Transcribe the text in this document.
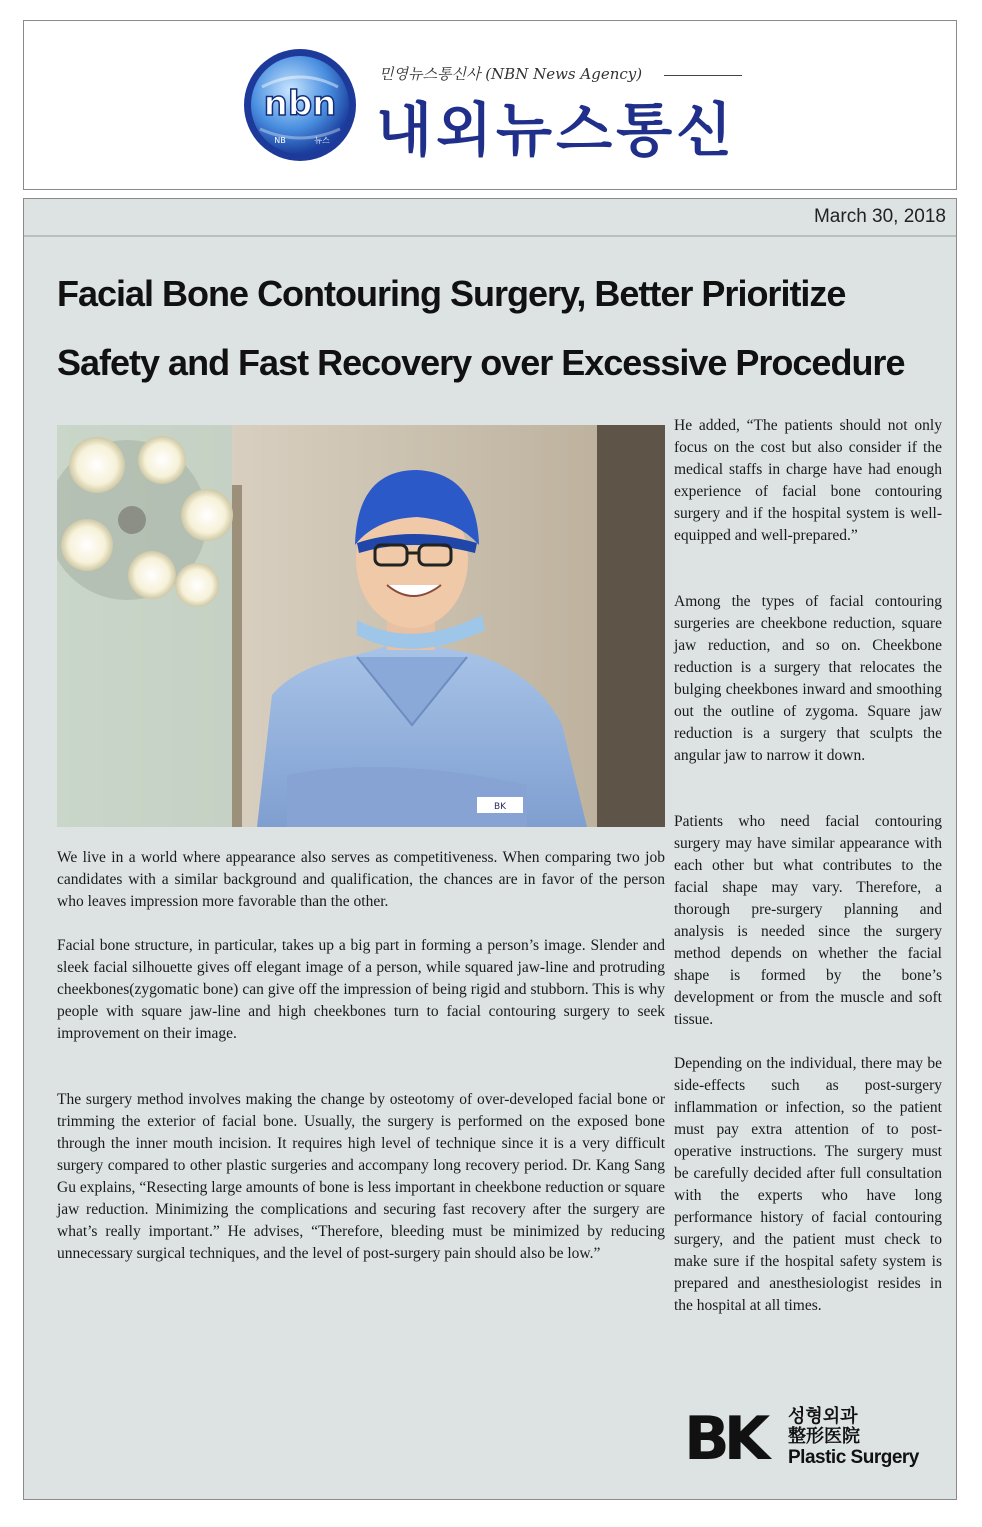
nbn
NB	뉴스
민영뉴스통신사 (NBN News Agency)
내외뉴스통신
March 30, 2018
Facial Bone Contouring Surgery, Better Prioritize
Safety and Fast Recovery over Excessive Procedure
BK

We live in a world where appearance also serves as competitiveness. When comparing two job candidates with a similar background and qualification, the chances are in favor of the person who leaves impression more favorable than the other.

Facial bone structure, in particular, takes up a big part in forming a person’s image. Slender and sleek facial silhouette gives off elegant image of a person, while squared jaw-line and protruding cheekbones(zygomatic bone) can give off the impression of being rigid and stubborn. This is why people with square jaw-line and high cheekbones turn to facial contouring surgery to seek improvement on their image.

The surgery method involves making the change by osteotomy of over-developed facial bone or trimming the exterior of facial bone. Usually, the surgery is performed on the exposed bone through the inner mouth incision. It requires high level of technique since it is a very difficult surgery compared to other plastic surgeries and accompany long recovery period. Dr. Kang Sang Gu explains, “Resecting large amounts of bone is less important in cheekbone reduction or square jaw reduction. Minimizing the complications and securing fast recovery after the surgery are what’s really important.” He advises, “Therefore, bleeding must be minimized by reducing unnecessary surgical techniques, and the level of post-surgery pain should also be low.”

He added, “The patients should not only focus on the cost but also consider if the medical staffs in charge have had enough experience of facial bone contouring surgery and if the hospital system is well-equipped and well-prepared.”

Among the types of facial contouring surgeries are cheekbone reduction, square jaw reduction, and so on. Cheekbone reduction is a surgery that relocates the bulging cheekbones inward and smoothing out the outline of zygoma. Square jaw reduction is a surgery that sculpts the angular jaw to narrow it down.

Patients who need facial contouring surgery may have similar appearance with each other but what contributes to the facial shape may vary. Therefore, a thorough pre-surgery planning and analysis is needed since the surgery method depends on whether the facial shape is formed by the bone’s development or from the muscle and soft tissue.

Depending on the individual, there may be side-effects such as post-surgery inflammation or infection, so the patient must pay extra attention of to post-operative instructions. The surgery must be carefully decided after full consultation with the experts who have long performance history of facial contouring surgery, and the patient must check to make sure if the hospital safety system is prepared and anesthesiologist resides in the hospital at all times.

BK 성형외과
整形医院
Plastic Surgery
